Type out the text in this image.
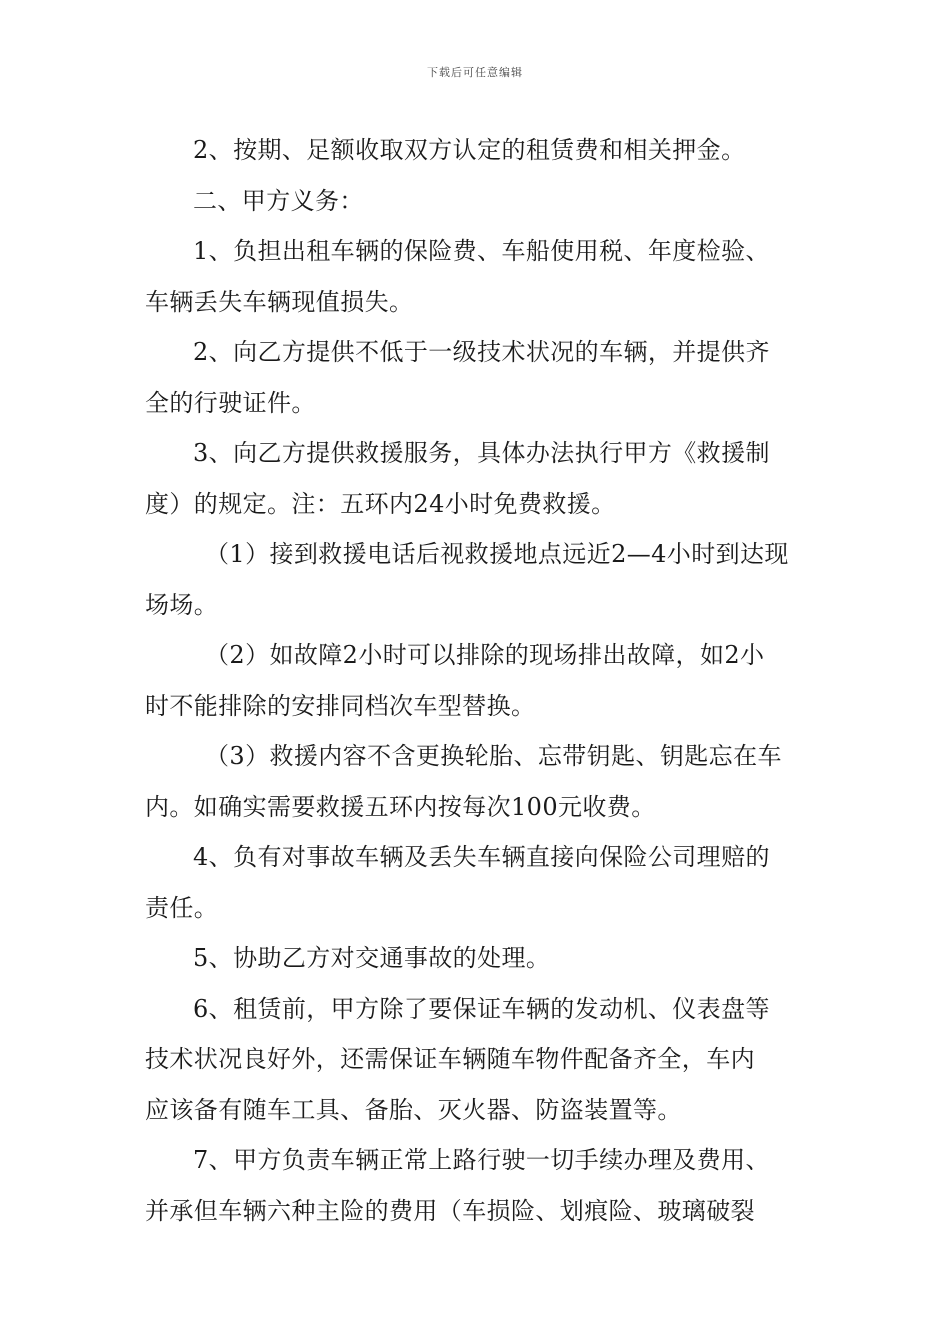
下载后可任意编辑
2、按期、足额收取双方认定的租赁费和相关押金。
二、甲方义务：
1、负担出租车辆的保险费、车船使用税、年度检验、
车辆丢失车辆现值损失。
2、向乙方提供不低于一级技术状况的车辆，并提供齐
全的行驶证件。
3、向乙方提供救援服务，具体办法执行甲方《救援制
度）的规定。注：五环内24小时免费救援。
（1）接到救援电话后视救援地点远近2—4小时到达现
场场。
（2）如故障2小时可以排除的现场排出故障，如2小
时不能排除的安排同档次车型替换。
（3）救援内容不含更换轮胎、忘带钥匙、钥匙忘在车
内。如确实需要救援五环内按每次100元收费。
4、负有对事故车辆及丢失车辆直接向保险公司理赔的
责任。
5、协助乙方对交通事故的处理。
6、租赁前，甲方除了要保证车辆的发动机、仪表盘等
技术状况良好外，还需保证车辆随车物件配备齐全，车内
应该备有随车工具、备胎、灭火器、防盗装置等。
7、甲方负责车辆正常上路行驶一切手续办理及费用、
并承但车辆六种主险的费用（车损险、划痕险、玻璃破裂
